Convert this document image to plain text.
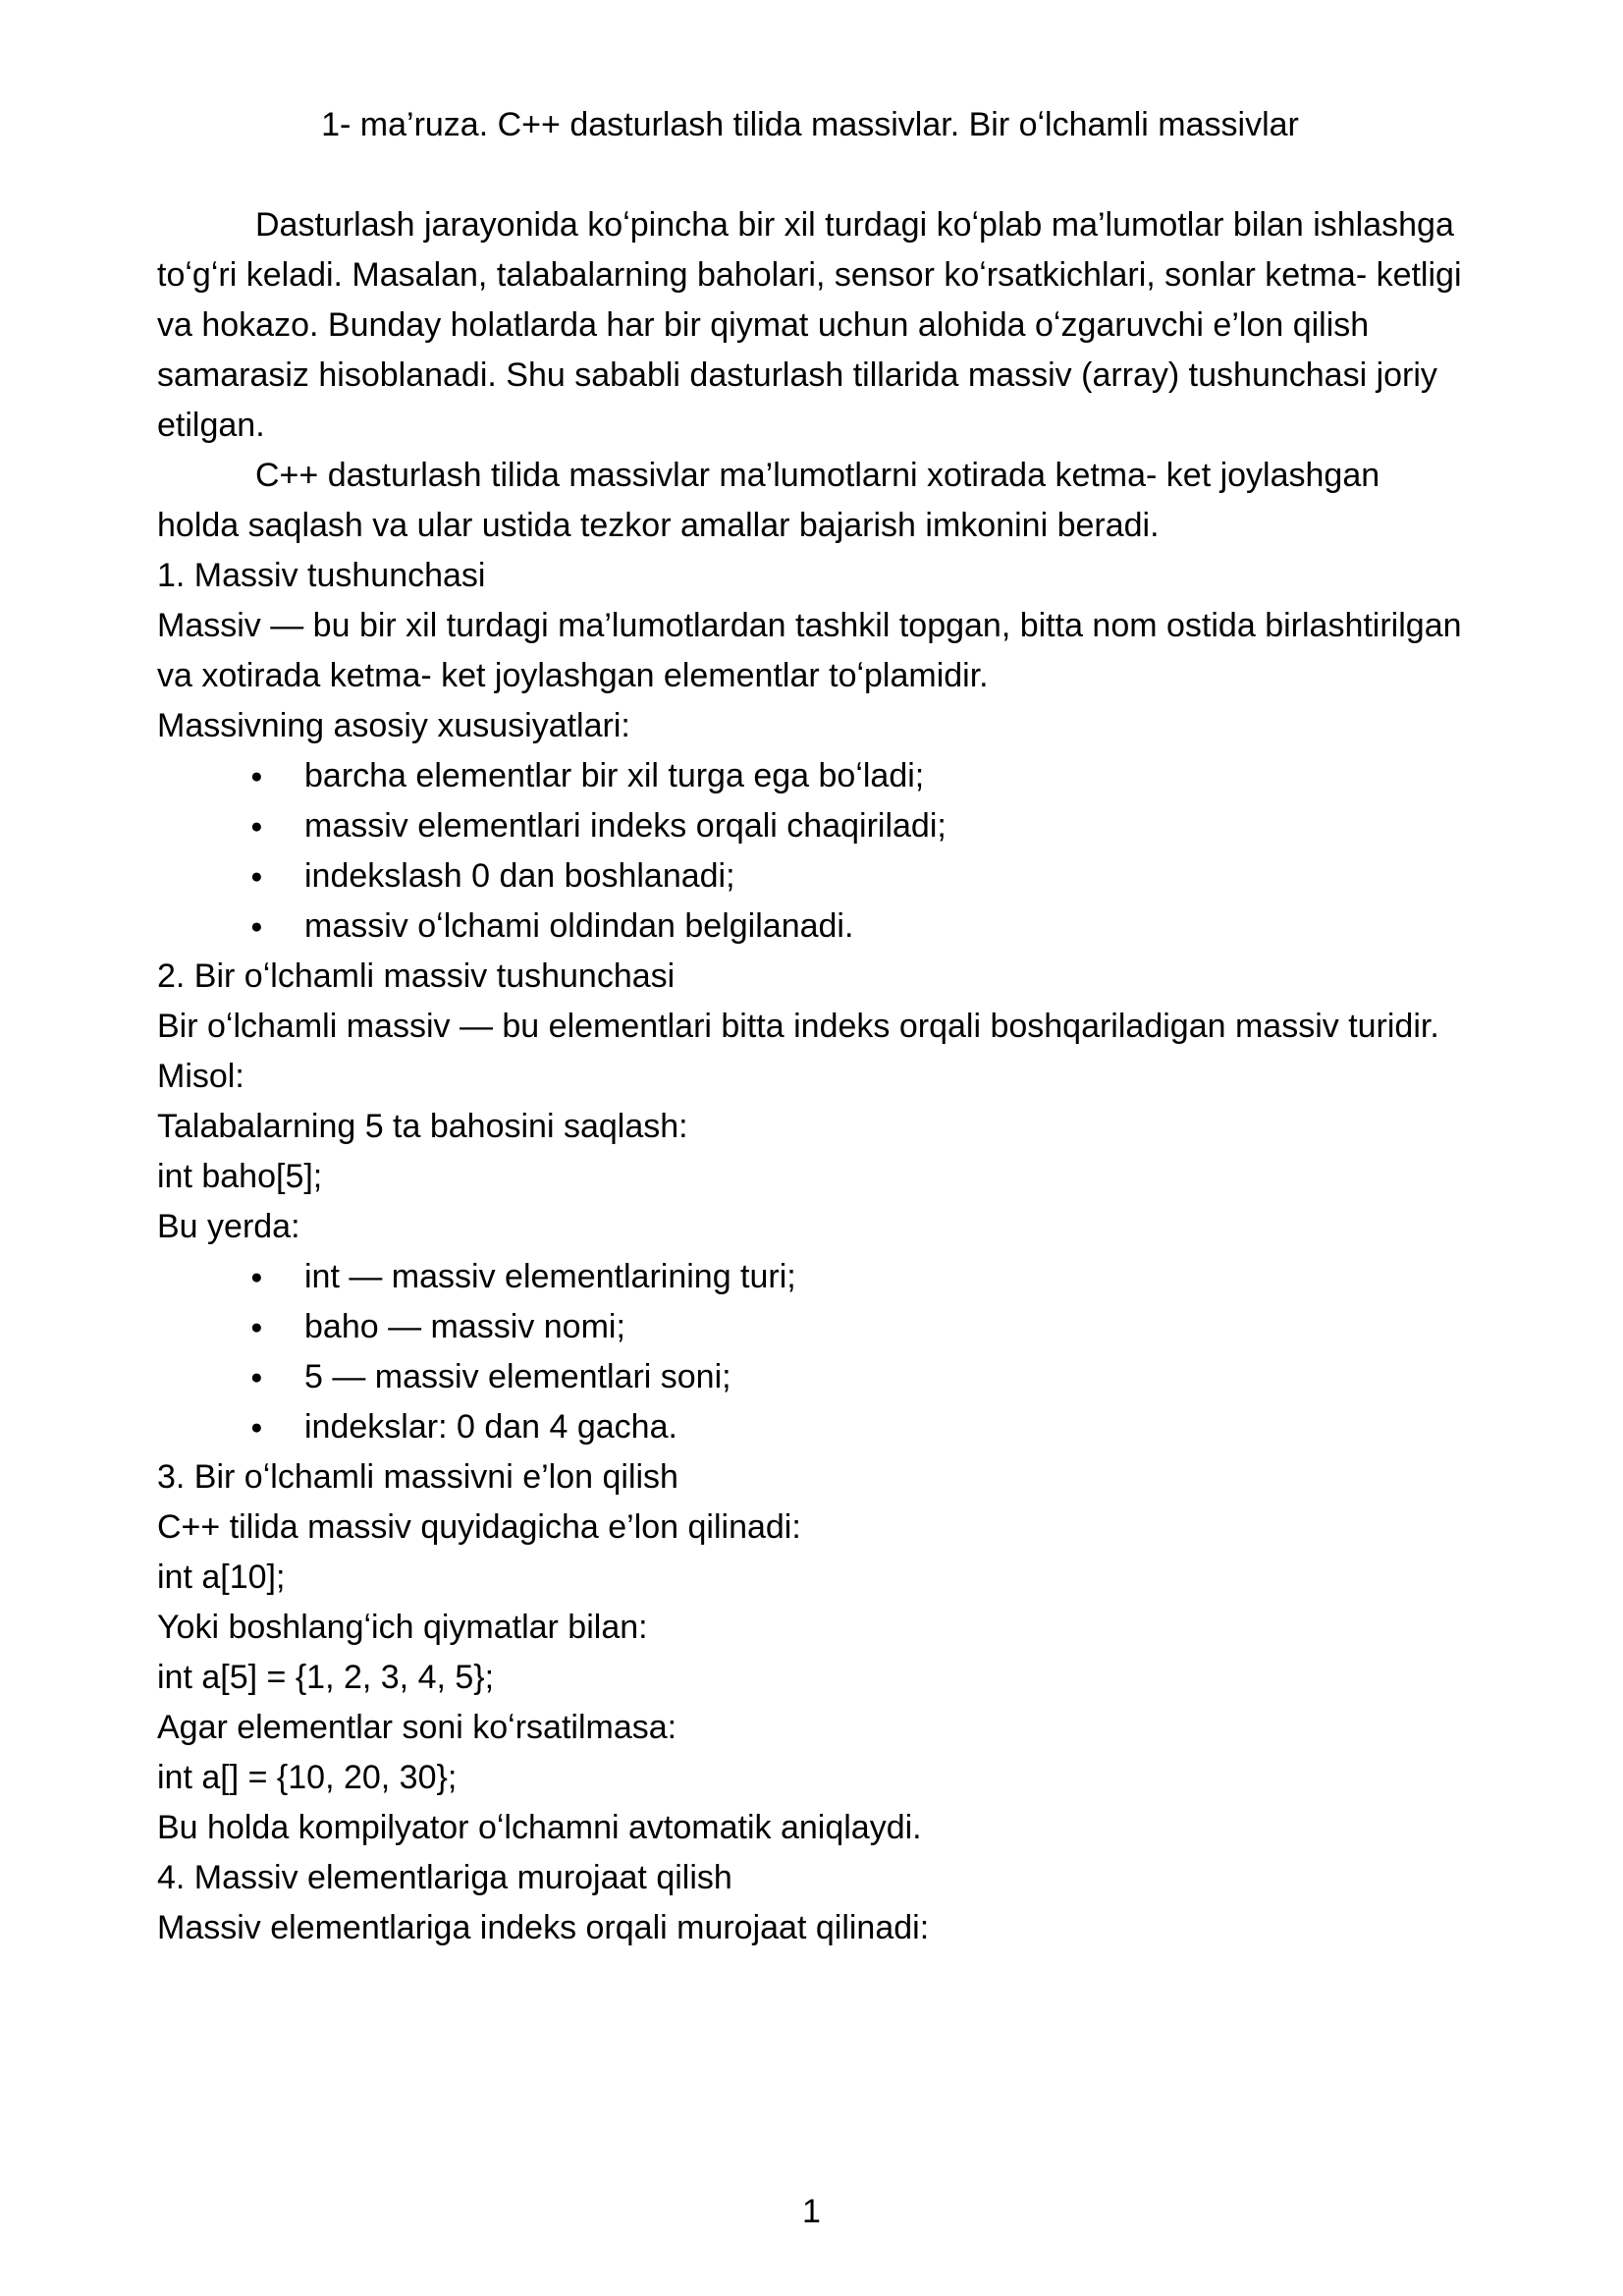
1- ma’ruza. C++ dasturlash tilida massivlar. Bir oʻlchamli massivlar

Dasturlash jarayonida koʻpincha bir xil turdagi koʻplab ma’lumotlar bilan ishlashga toʻgʻri keladi. Masalan, talabalarning baholari, sensor koʻrsatkichlari, sonlar ketma- ketligi va hokazo. Bunday holatlarda har bir qiymat uchun alohida oʻzgaruvchi e’lon qilish samarasiz hisoblanadi. Shu sababli dasturlash tillarida massiv (array) tushunchasi joriy etilgan.

C++ dasturlash tilida massivlar ma’lumotlarni xotirada ketma- ket joylashgan holda saqlash va ular ustida tezkor amallar bajarish imkonini beradi.

1. Massiv tushunchasi

Massiv — bu bir xil turdagi ma’lumotlardan tashkil topgan, bitta nom ostida birlashtirilgan va xotirada ketma- ket joylashgan elementlar toʻplamidir.

Massivning asosiy xususiyatlari:

● barcha elementlar bir xil turga ega boʻladi;
● massiv elementlari indeks orqali chaqiriladi;
● indekslash 0 dan boshlanadi;
● massiv oʻlchami oldindan belgilanadi.

2. Bir oʻlchamli massiv tushunchasi

Bir oʻlchamli massiv — bu elementlari bitta indeks orqali boshqariladigan massiv turidir.

Misol:

Talabalarning 5 ta bahosini saqlash:

int baho[5];

Bu yerda:

● int — massiv elementlarining turi;
● baho — massiv nomi;
● 5 — massiv elementlari soni;
● indekslar: 0 dan 4 gacha.

3. Bir oʻlchamli massivni e’lon qilish

C++ tilida massiv quyidagicha e’lon qilinadi:

int a[10];

Yoki boshlangʻich qiymatlar bilan:

int a[5] = {1, 2, 3, 4, 5};

Agar elementlar soni koʻrsatilmasa:

int a[] = {10, 20, 30};

Bu holda kompilyator oʻlchamni avtomatik aniqlaydi.

4. Massiv elementlariga murojaat qilish

Massiv elementlariga indeks orqali murojaat qilinadi:

1
